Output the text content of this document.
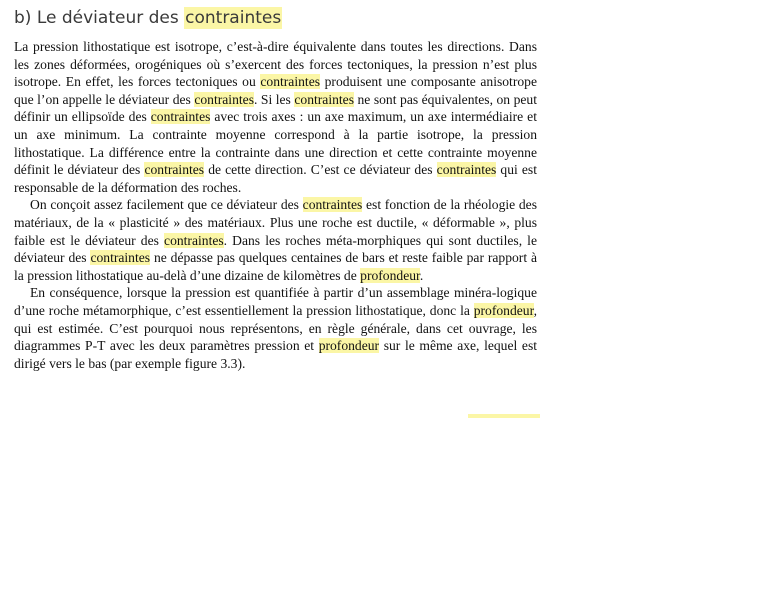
b) Le déviateur des contraintes

La pression lithostatique est isotrope, c’est-à-dire équivalente dans toutes les directions. Dans les zones déformées, orogéniques où s’exercent des forces tectoniques, la pression n’est plus isotrope. En effet, les forces tectoniques ou contraintes produisent une composante anisotrope que l’on appelle le déviateur des contraintes. Si les contraintes ne sont pas équivalentes, on peut définir un ellipsoïde des contraintes avec trois axes : un axe maximum, un axe intermédiaire et un axe minimum. La contrainte moyenne correspond à la partie isotrope, la pression lithostatique. La différence entre la contrainte dans une direction et cette contrainte moyenne définit le déviateur des contraintes de cette direction. C’est ce déviateur des contraintes qui est responsable de la déformation des roches.

On conçoit assez facilement que ce déviateur des contraintes est fonction de la rhéologie des matériaux, de la « plasticité » des matériaux. Plus une roche est ductile, « déformable », plus faible est le déviateur des contraintes. Dans les roches méta-morphiques qui sont ductiles, le déviateur des contraintes ne dépasse pas quelques centaines de bars et reste faible par rapport à la pression lithostatique au-delà d’une dizaine de kilomètres de profondeur.

En conséquence, lorsque la pression est quantifiée à partir d’un assemblage minéra-logique d’une roche métamorphique, c’est essentiellement la pression lithostatique, donc la profondeur, qui est estimée. C’est pourquoi nous représentons, en règle générale, dans cet ouvrage, les diagrammes P-T avec les deux paramètres pression et profondeur sur le même axe, lequel est dirigé vers le bas (par exemple figure 3.3).
